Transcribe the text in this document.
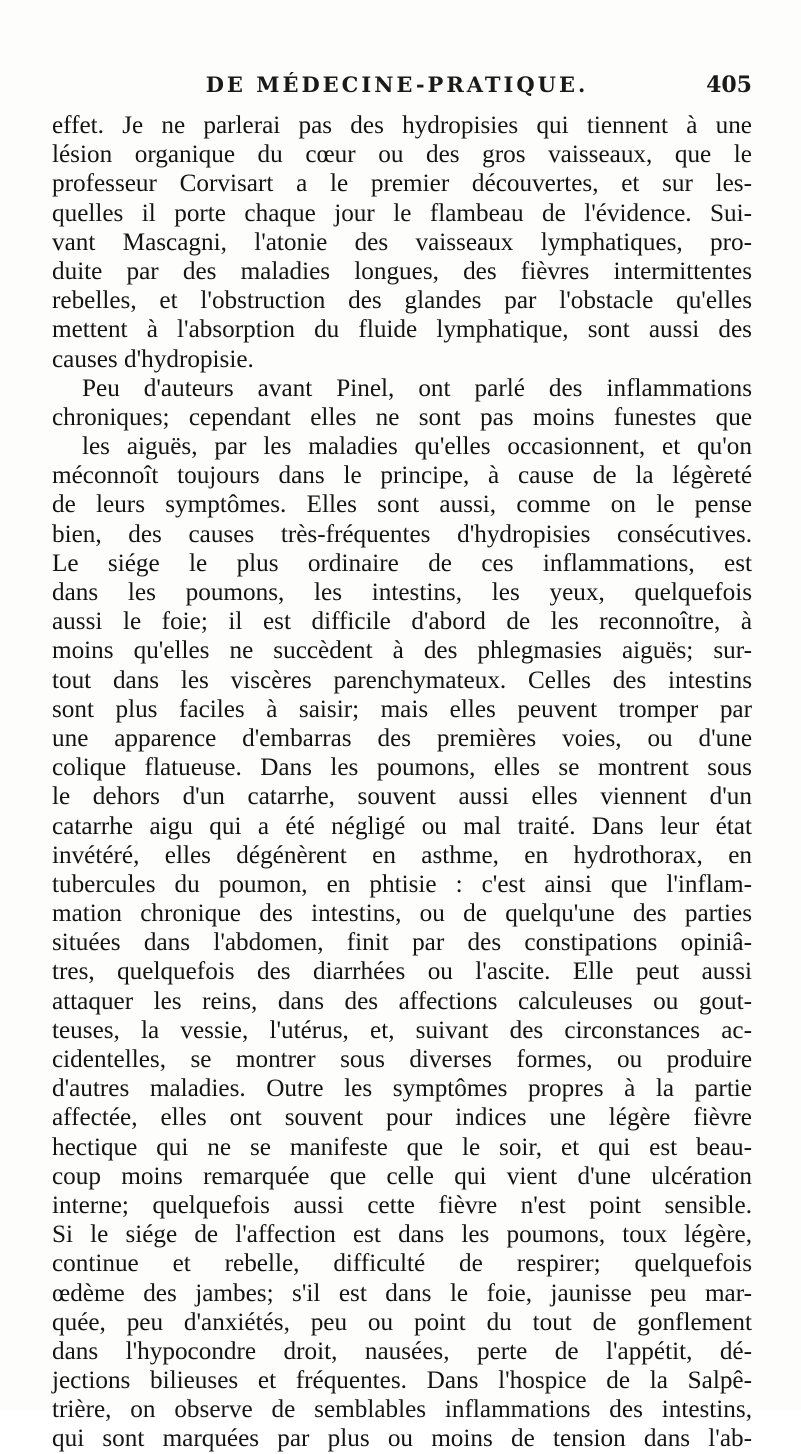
DE MÉDECINE-PRATIQUE.	405
effet. Je ne parlerai pas des hydropisies qui tiennent à une
lésion organique du cœur ou des gros vaisseaux, que le
professeur Corvisart a le premier découvertes, et sur les-
quelles il porte chaque jour le flambeau de l'évidence. Sui-
vant Mascagni, l'atonie des vaisseaux lymphatiques, pro-
duite par des maladies longues, des fièvres intermittentes
rebelles, et l'obstruction des glandes par l'obstacle qu'elles
mettent à l'absorption du fluide lymphatique, sont aussi des
causes d'hydropisie.
Peu d'auteurs avant Pinel, ont parlé des inflammations
chroniques; cependant elles ne sont pas moins funestes que
les aiguës, par les maladies qu'elles occasionnent, et qu'on
méconnoît toujours dans le principe, à cause de la légèreté
de leurs symptômes. Elles sont aussi, comme on le pense
bien, des causes très-fréquentes d'hydropisies consécutives.
Le siége le plus ordinaire de ces inflammations, est
dans les poumons, les intestins, les yeux, quelquefois
aussi le foie; il est difficile d'abord de les reconnoître, à
moins qu'elles ne succèdent à des phlegmasies aiguës; sur-
tout dans les viscères parenchymateux. Celles des intestins
sont plus faciles à saisir; mais elles peuvent tromper par
une apparence d'embarras des premières voies, ou d'une
colique flatueuse. Dans les poumons, elles se montrent sous
le dehors d'un catarrhe, souvent aussi elles viennent d'un
catarrhe aigu qui a été négligé ou mal traité. Dans leur état
invétéré, elles dégénèrent en asthme, en hydrothorax, en
tubercules du poumon, en phtisie : c'est ainsi que l'inflam-
mation chronique des intestins, ou de quelqu'une des parties
situées dans l'abdomen, finit par des constipations opiniâ-
tres, quelquefois des diarrhées ou l'ascite. Elle peut aussi
attaquer les reins, dans des affections calculeuses ou gout-
teuses, la vessie, l'utérus, et, suivant des circonstances ac-
cidentelles, se montrer sous diverses formes, ou produire
d'autres maladies. Outre les symptômes propres à la partie
affectée, elles ont souvent pour indices une légère fièvre
hectique qui ne se manifeste que le soir, et qui est beau-
coup moins remarquée que celle qui vient d'une ulcération
interne; quelquefois aussi cette fièvre n'est point sensible.
Si le siége de l'affection est dans les poumons, toux légère,
continue et rebelle, difficulté de respirer; quelquefois
œdème des jambes; s'il est dans le foie, jaunisse peu mar-
quée, peu d'anxiétés, peu ou point du tout de gonflement
dans l'hypocondre droit, nausées, perte de l'appétit, dé-
jections bilieuses et fréquentes. Dans l'hospice de la Salpê-
trière, on observe de semblables inflammations des intestins,
qui sont marquées par plus ou moins de tension dans l'ab-
